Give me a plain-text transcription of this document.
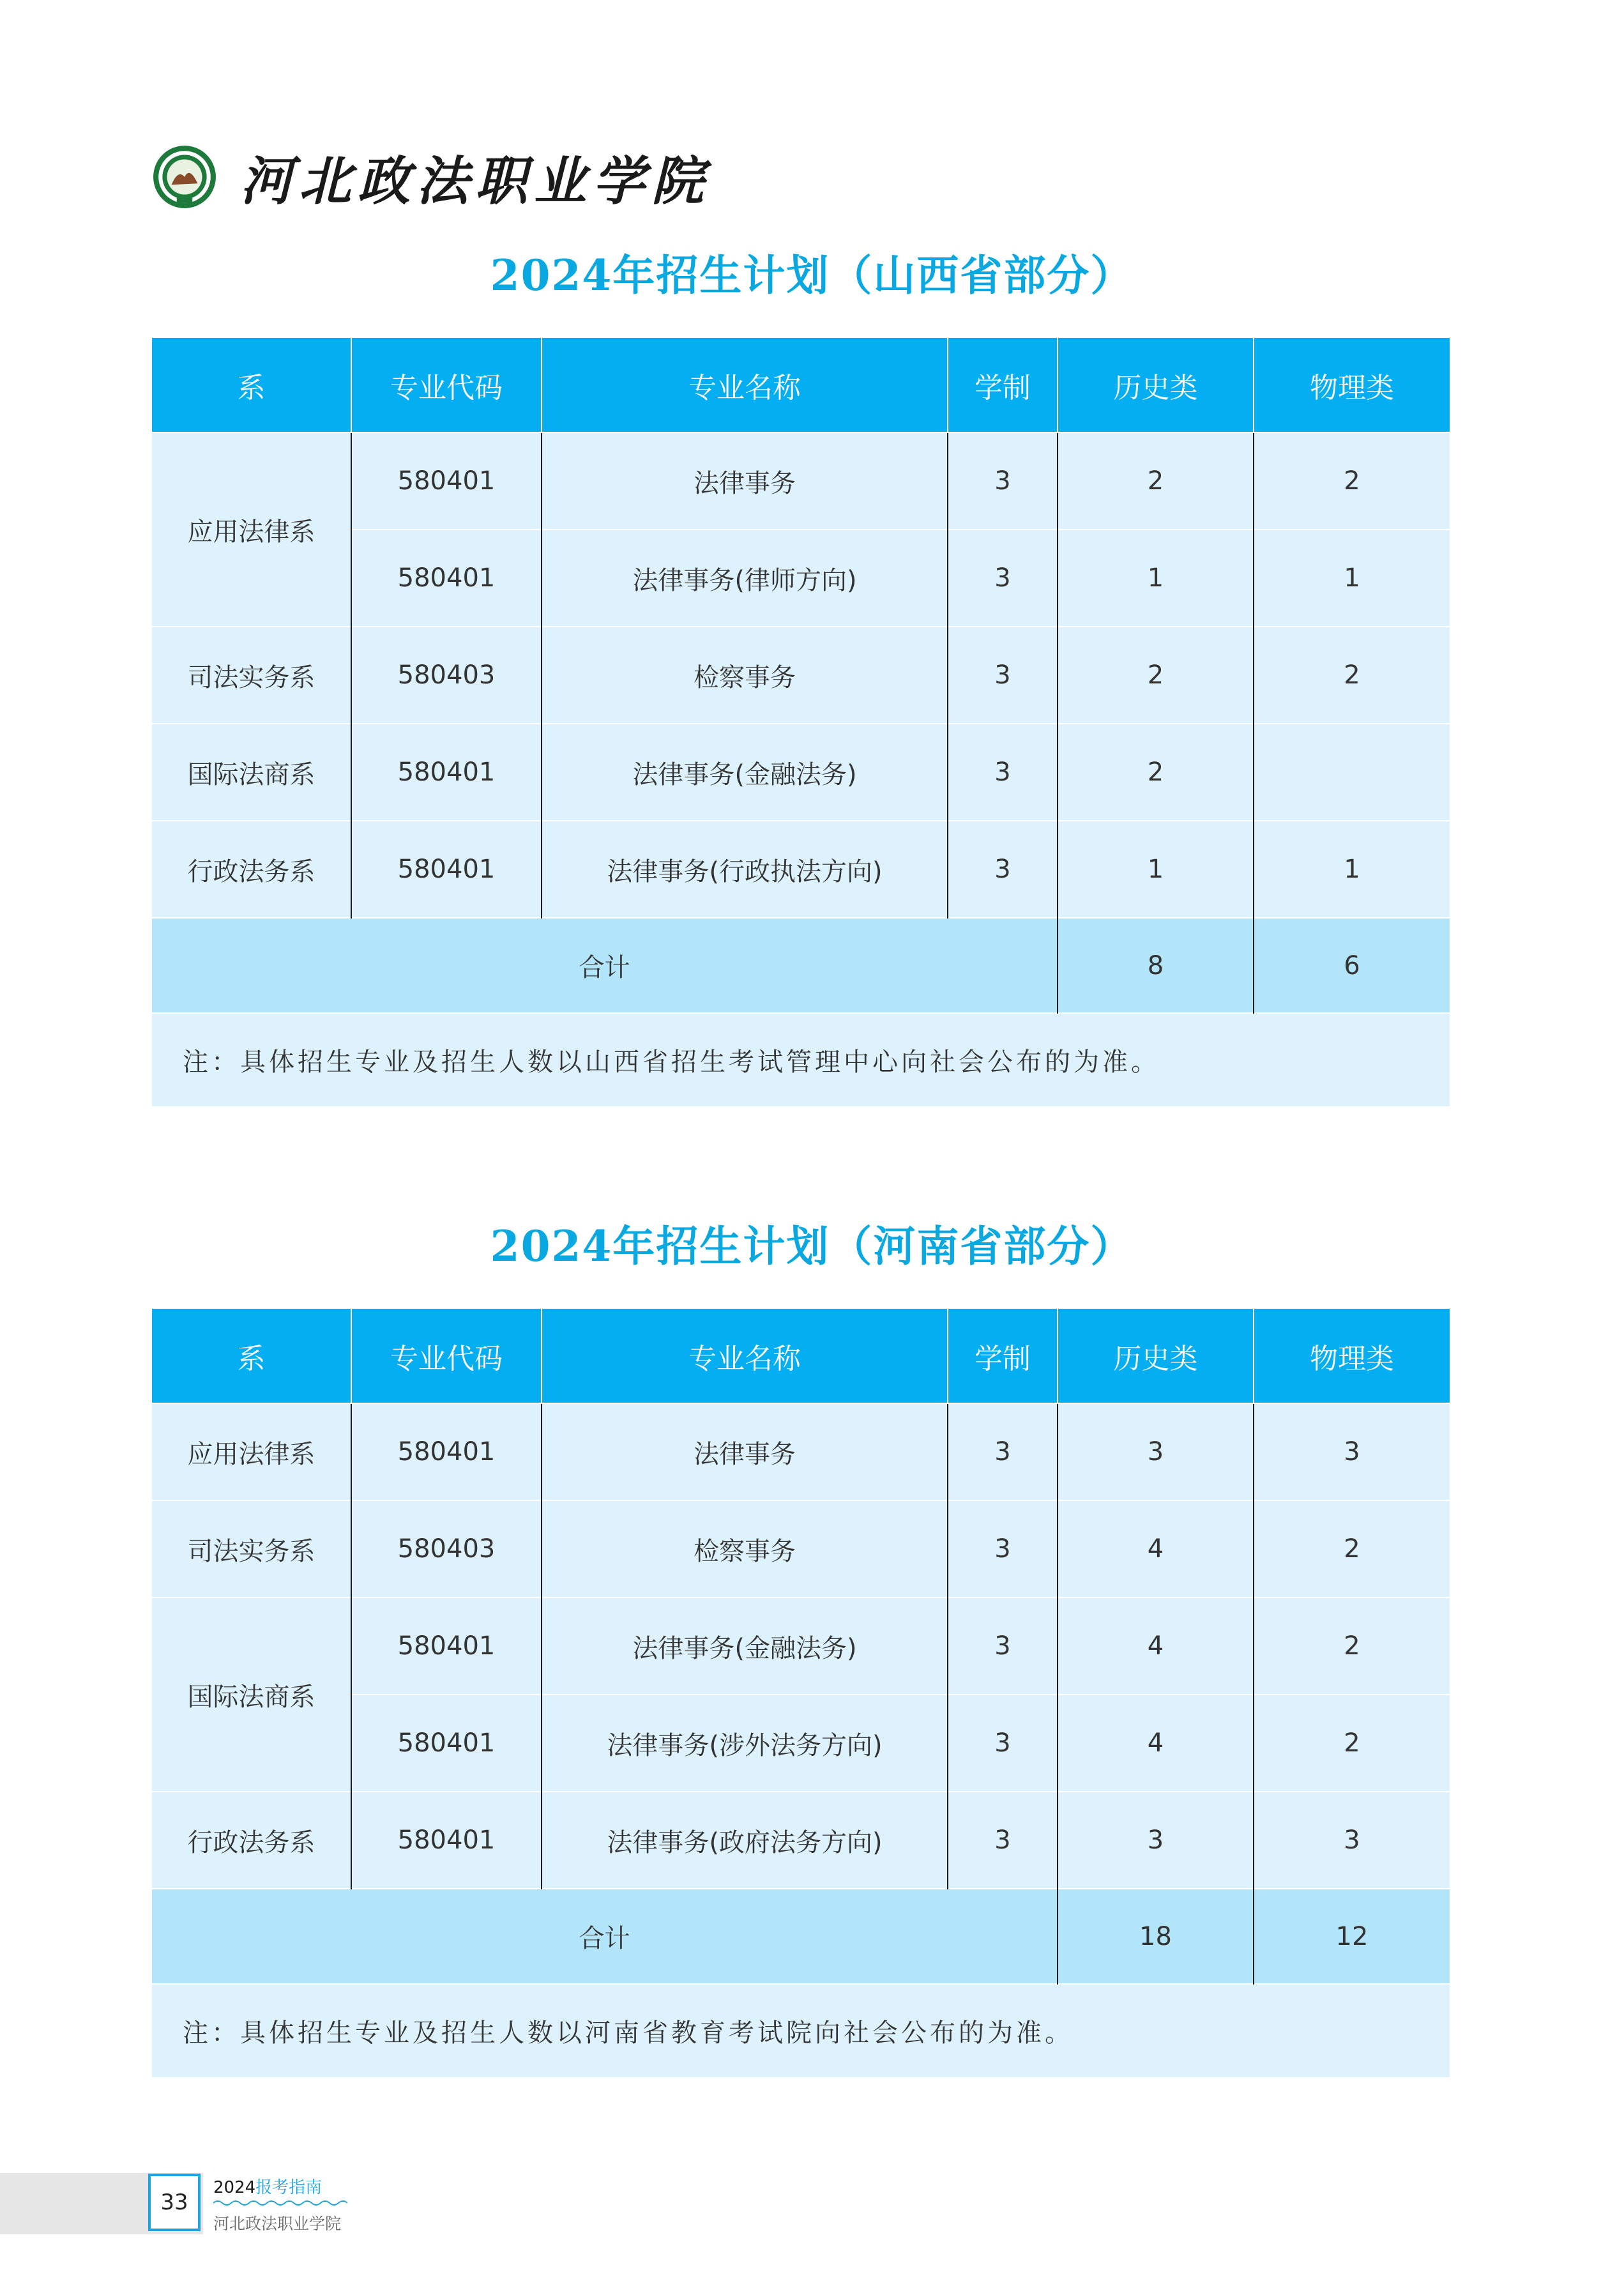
河北政法职业学院
2024年招生计划（山西省部分）
系	专业代码	专业名称	学制	历史类	物理类
应用法律系	580401	法律事务	3	2	2
	580401	法律事务(律师方向)	3	1	1
司法实务系	580403	检察事务	3	2	2
国际法商系	580401	法律事务(金融法务)	3	2	
行政法务系	580401	法律事务(行政执法方向)	3	1	1
合计				8	6
注：具体招生专业及招生人数以山西省招生考试管理中心向社会公布的为准。					
2024年招生计划（河南省部分）
系	专业代码	专业名称	学制	历史类	物理类
应用法律系	580401	法律事务	3	3	3
司法实务系	580403	检察事务	3	4	2
国际法商系	580401	法律事务(金融法务)	3	4	2
	580401	法律事务(涉外法务方向)	3	4	2
行政法务系	580401	法律事务(政府法务方向)	3	3	3
合计				18	12
注：具体招生专业及招生人数以河南省教育考试院向社会公布的为准。					
33
2024报考指南
河北政法职业学院
